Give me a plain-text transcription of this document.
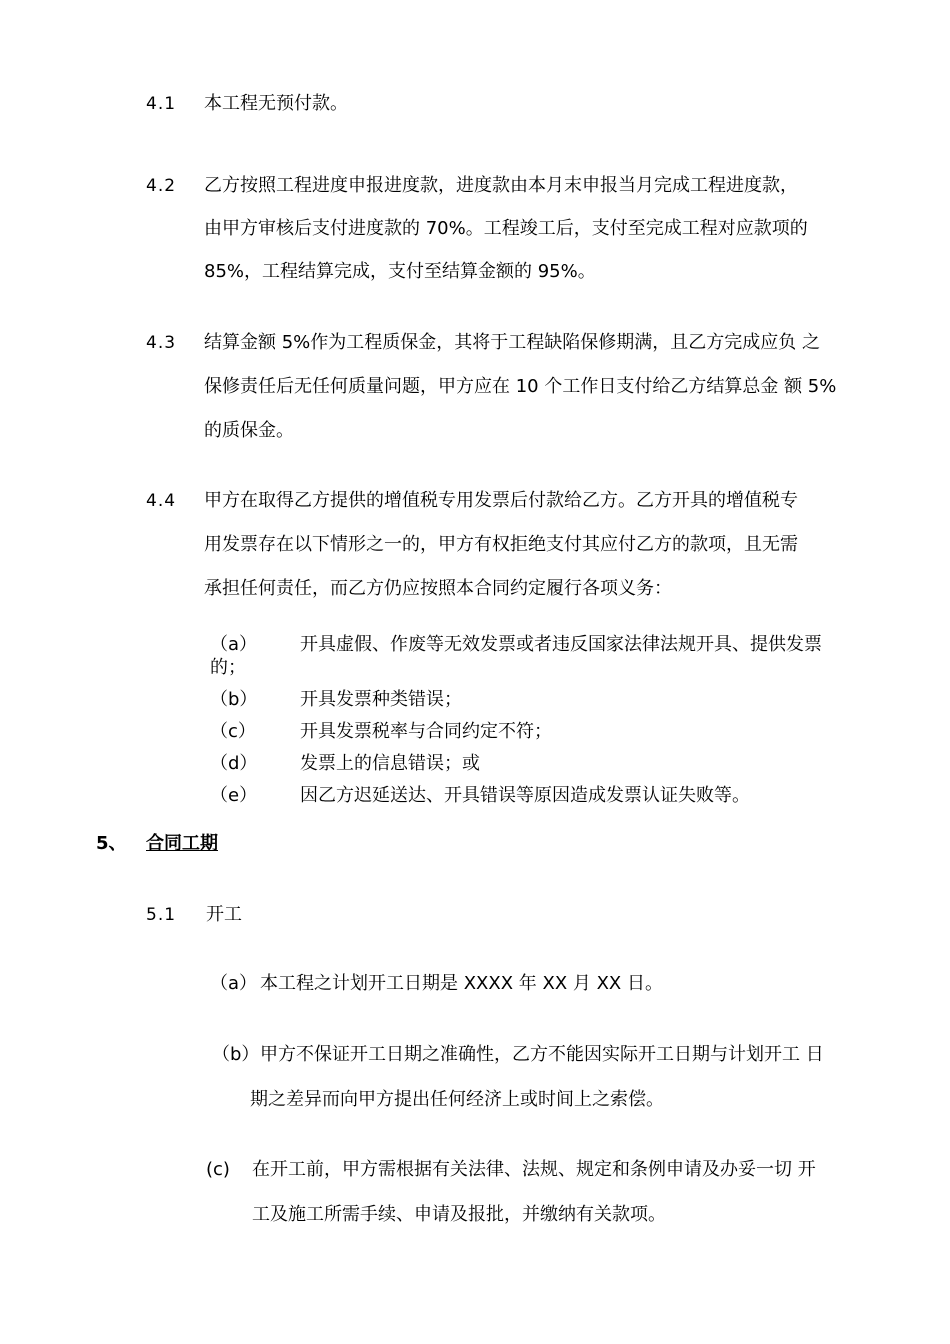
4.1 本工程无预付款。
4.2 乙方按照工程进度申报进度款，进度款由本月末申报当月完成工程进度款，
由甲方审核后支付进度款的 70%。工程竣工后，支付至完成工程对应款项的
85%，工程结算完成，支付至结算金额的 95%。
4.3 结算金额 5%作为工程质保金，其将于工程缺陷保修期满，且乙方完成应负 之
保修责任后无任何质量问题，甲方应在 10 个工作日支付给乙方结算总金 额 5%
的质保金。
4.4 甲方在取得乙方提供的增值税专用发票后付款给乙方。乙方开具的增值税专
用发票存在以下情形之一的，甲方有权拒绝支付其应付乙方的款项，且无需
承担任何责任，而乙方仍应按照本合同约定履行各项义务：
（a） 开具虚假、作废等无效发票或者违反国家法律法规开具、提供发票
的；
（b） 开具发票种类错误；
（c） 开具发票税率与合同约定不符；
（d） 发票上的信息错误；或
（e） 因乙方迟延送达、开具错误等原因造成发票认证失败等。
5、 合同工期
5.1 开工
（a） 本工程之计划开工日期是 XXXX 年 XX 月 XX 日。
（b） 甲方不保证开工日期之准确性，乙方不能因实际开工日期与计划开工 日
期之差异而向甲方提出任何经济上或时间上之索偿。
(c) 在开工前，甲方需根据有关法律、法规、规定和条例申请及办妥一切 开
工及施工所需手续、申请及报批，并缴纳有关款项。
